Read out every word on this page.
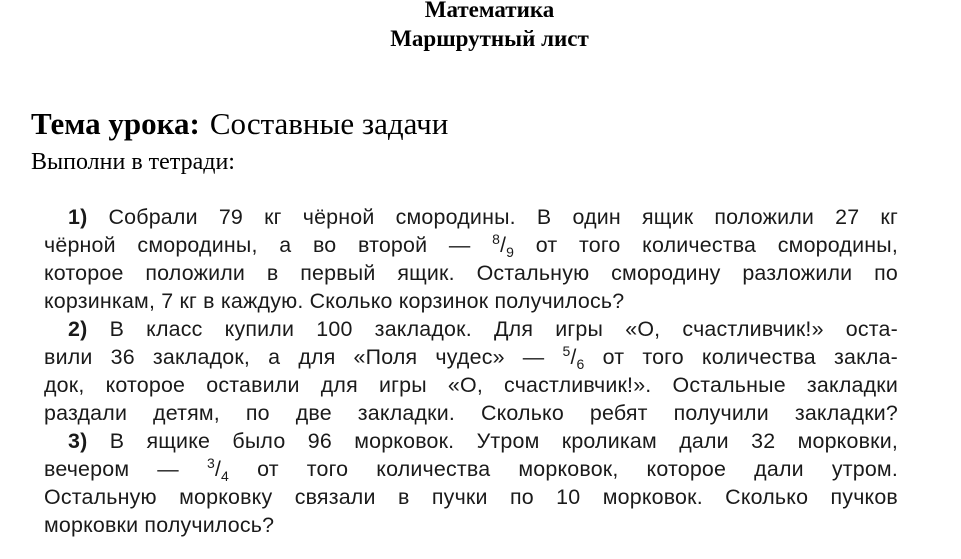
Математика
Маршрутный лист
Тема урока: Составные задачи
Выполни в тетради:
1) Собрали 79 кг чёрной смородины. В один ящик положили 27 кг
чёрной смородины, а во второй — $^8/_9$ от того количества смородины,
которое положили в первый ящик. Остальную смородину разложили по
корзинкам, 7 кг в каждую. Сколько корзинок получилось?
2) В класс купили 100 закладок. Для игры «О, счастливчик!» оста-
вили 36 закладок, а для «Поля чудес» — $^5/_6$ от того количества закла-
док, которое оставили для игры «О, счастливчик!». Остальные закладки
раздали детям, по две закладки. Сколько ребят получили закладки?
3) В ящике было 96 морковок. Утром кроликам дали 32 морковки,
вечером — $^3/_4$ от того количества морковок, которое дали утром.
Остальную морковку связали в пучки по 10 морковок. Сколько пучков
морковки получилось?
